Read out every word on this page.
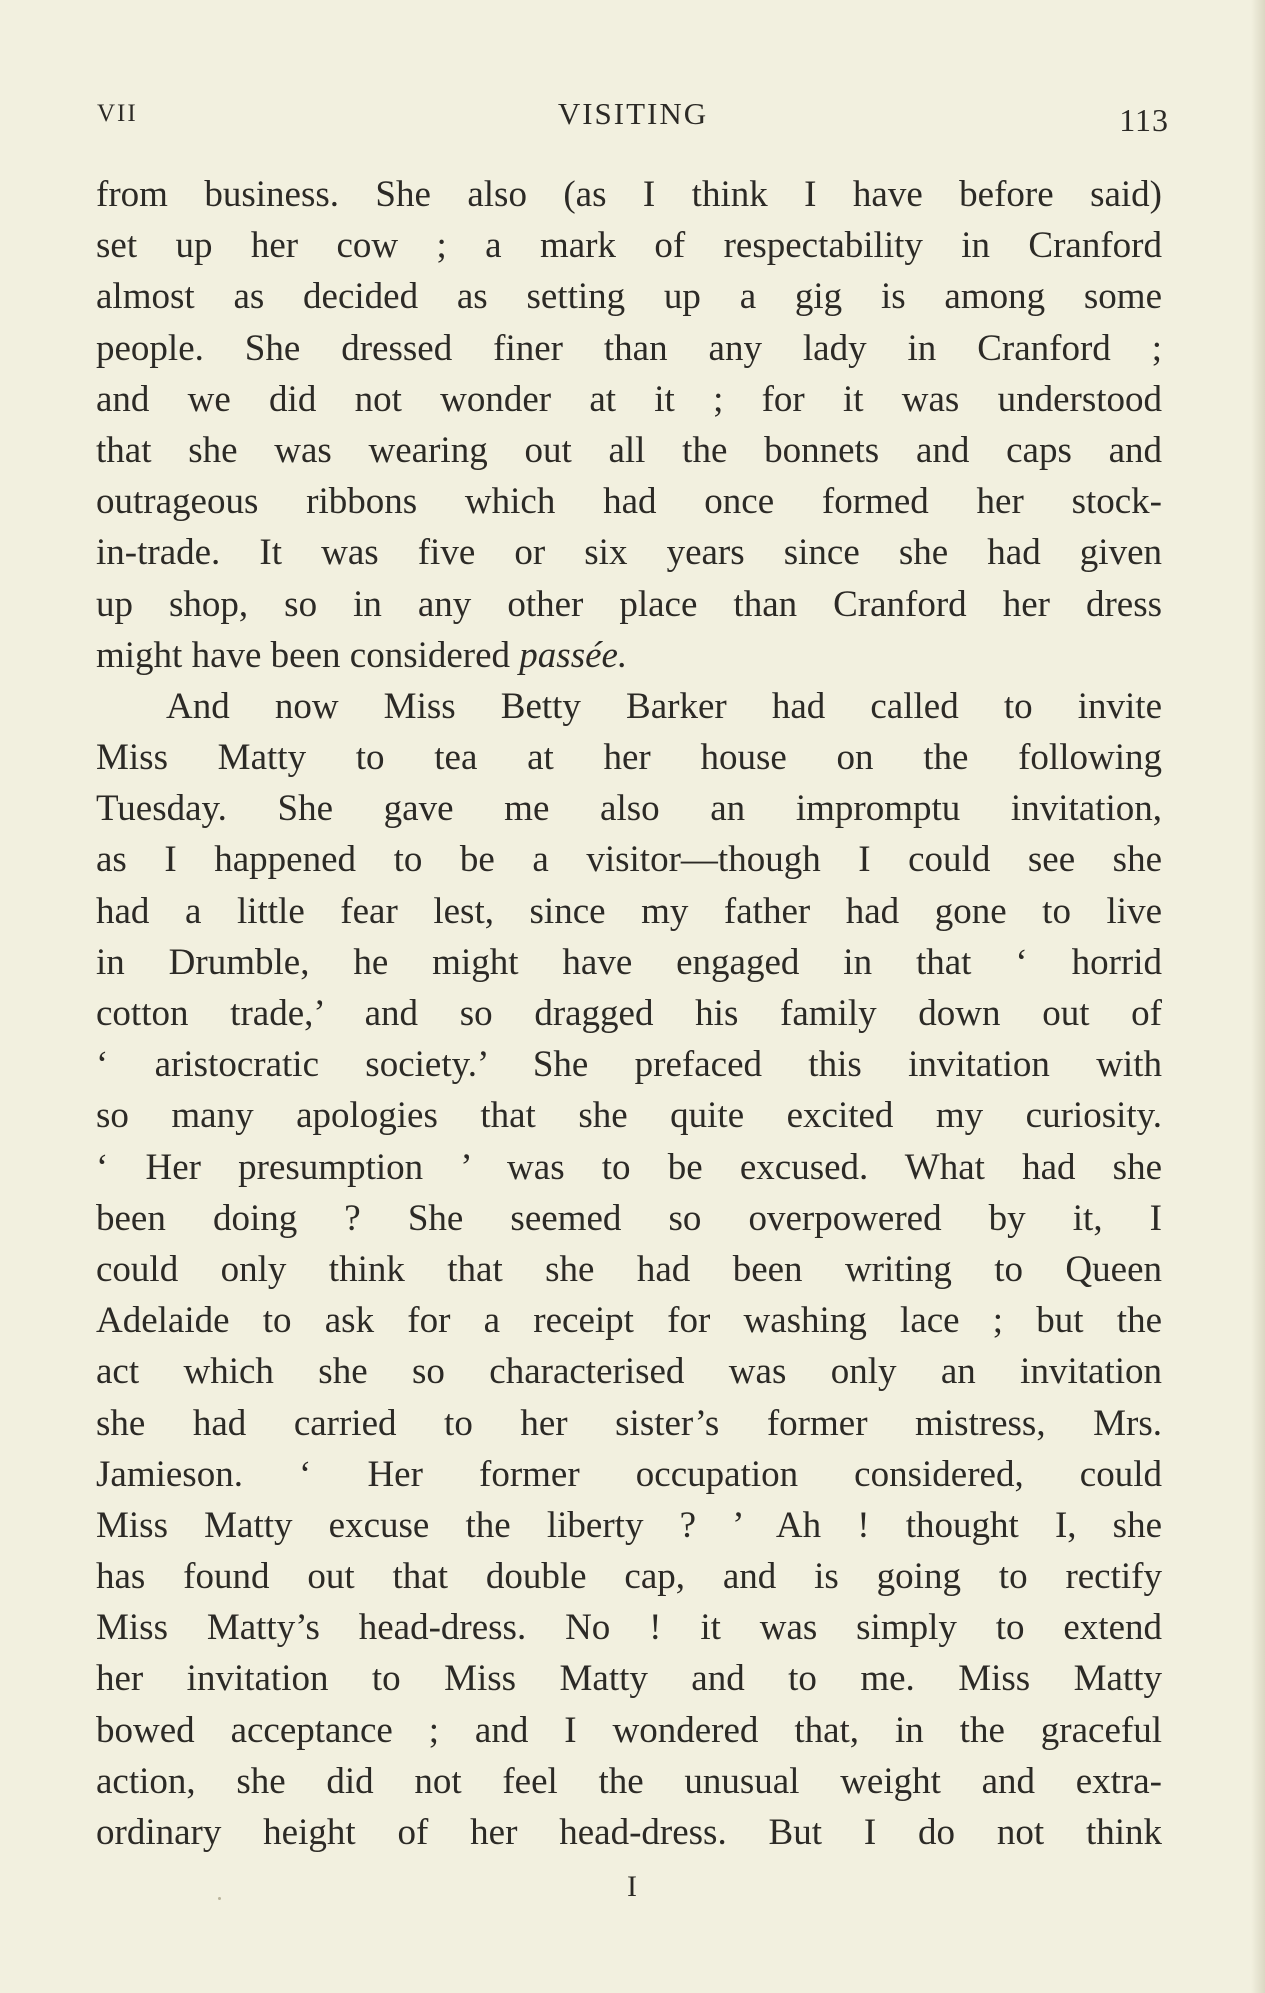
VII	VISITING	113
from business. She also (as I think I have before said)
set up her cow ; a mark of respectability in Cranford
almost as decided as setting up a gig is among some
people. She dressed finer than any lady in Cranford ;
and we did not wonder at it ; for it was understood
that she was wearing out all the bonnets and caps and
outrageous ribbons which had once formed her stock-
in-trade. It was five or six years since she had given
up shop, so in any other place than Cranford her dress
might have been considered passée.
And now Miss Betty Barker had called to invite
Miss Matty to tea at her house on the following
Tuesday. She gave me also an impromptu invitation,
as I happened to be a visitor—though I could see she
had a little fear lest, since my father had gone to live
in Drumble, he might have engaged in that ‘ horrid
cotton trade,’ and so dragged his family down out of
‘ aristocratic society.’ She prefaced this invitation with
so many apologies that she quite excited my curiosity.
‘ Her presumption ’ was to be excused. What had she
been doing ? She seemed so overpowered by it, I
could only think that she had been writing to Queen
Adelaide to ask for a receipt for washing lace ; but the
act which she so characterised was only an invitation
she had carried to her sister’s former mistress, Mrs.
Jamieson. ‘ Her former occupation considered, could
Miss Matty excuse the liberty ? ’ Ah ! thought I, she
has found out that double cap, and is going to rectify
Miss Matty’s head-dress. No ! it was simply to extend
her invitation to Miss Matty and to me. Miss Matty
bowed acceptance ; and I wondered that, in the graceful
action, she did not feel the unusual weight and extra-
ordinary height of her head-dress. But I do not think
I
